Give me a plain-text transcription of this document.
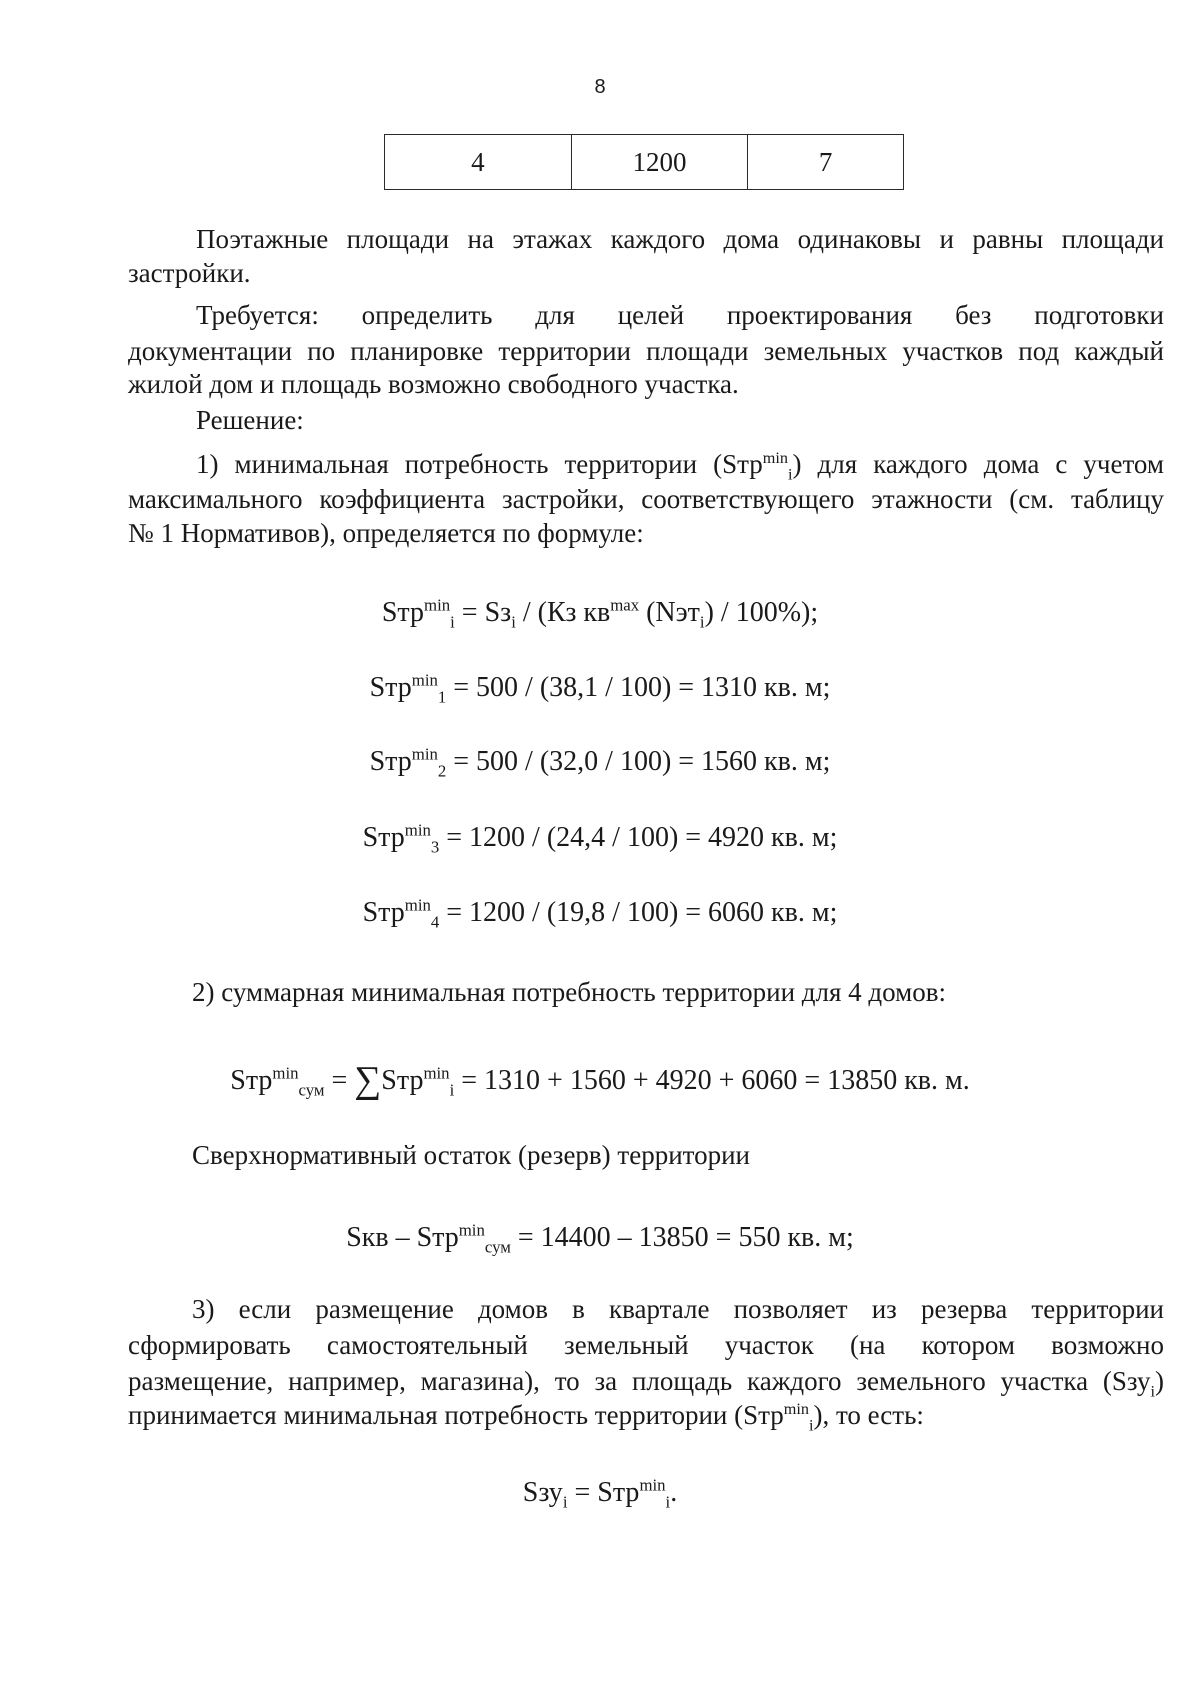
8
4	1200	7
Поэтажные площади на этажах каждого дома одинаковы и равны площади
застройки.
Требуется: определить для целей проектирования без подготовки
документации по планировке территории площади земельных участков под каждый
жилой дом и площадь возможно свободного участка.
Решение:
1) минимальная потребность территории (Sтр$^{min}_i$) для каждого дома с учетом
максимального коэффициента застройки, соответствующего этажности (см. таблицу
№ 1 Нормативов), определяется по формуле:
$Sтр^{min}_i = Sз_i / (Кз$ $кв^{max}$ (Nэт$_i$) / 100%);
Sтр$^{min}_1$ = 500 / (38,1 / 100) = 1310 кв. м;
Sтр$^{min}_2$ = 500 / (32,0 / 100) = 1560 кв. м;
Sтр$^{min}_3$ = 1200 / (24,4 / 100) = 4920 кв. м;
Sтр$^{min}_4$ = 1200 / (19,8 / 100) = 6060 кв. м;
2) суммарная минимальная потребность территории для 4 домов:
Sтр$^{min}_{сум}$ = ∑Sтр$^{min}_i$ = 1310 + 1560 + 4920 + 6060 = 13850 кв. м.
Сверхнормативный остаток (резерв) территории
Sкв – Sтр$^{min}_{сум}$ = 14400 – 13850 = 550 кв. м;
3) если размещение домов в квартале позволяет из резерва территории
сформировать самостоятельный земельный участок (на котором возможно
размещение, например, магазина), то за площадь каждого земельного участка (Sзу$_i$)
принимается минимальная потребность территории (Sтр$^{min}_i$), то есть:
Sзу$_i$ = Sтр$^{min}_i$.
